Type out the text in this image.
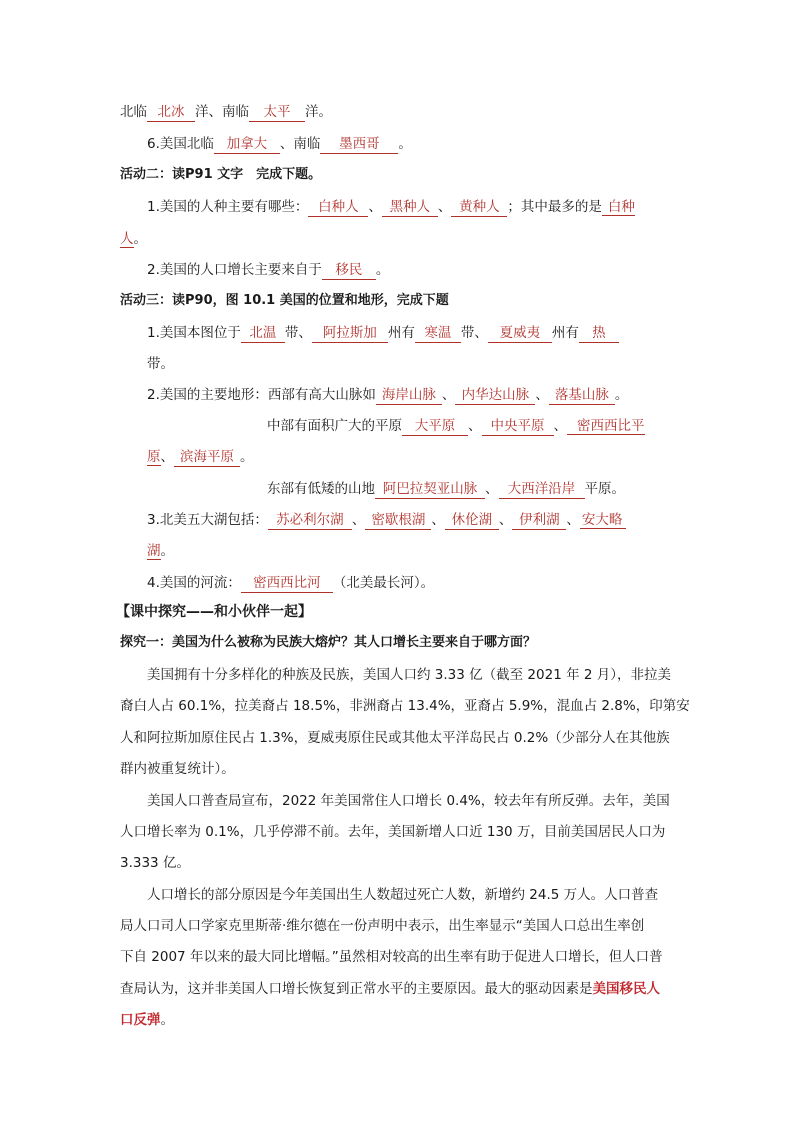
北临 北冰 洋、南临 太平 洋。
6.美国北临 加拿大 、南临 墨西哥 。
活动二：读P91 文字　完成下题。
1.美国的人种主要有哪些： 白种人 、 黑种人 、 黄种人 ；其中最多的是 白种
人。
2.美国的人口增长主要来自于 移民 。
活动三：读P90，图 10.1 美国的位置和地形，完成下题
1.美国本图位于 北温 带、 阿拉斯加 州有 寒温 带、 夏威夷 州有 热
带。
2.美国的主要地形：西部有高大山脉如 海岸山脉 、 内华达山脉 、 落基山脉 。
中部有面积广大的平原 大平原 、 中央平原 、 密西西比平
原、 滨海平原 。
东部有低矮的山地 阿巴拉契亚山脉 、 大西洋沿岸 平原。
3.北美五大湖包括： 苏必利尔湖 、 密歇根湖 、 休伦湖 、 伊利湖 、 安大略
湖。
4.美国的河流： 密西西比河 （北美最长河）。
【课中探究——和小伙伴一起】
探究一：美国为什么被称为民族大熔炉？其人口增长主要来自于哪方面？
美国拥有十分多样化的种族及民族，美国人口约 3.33 亿（截至 2021 年 2 月），非拉美
裔白人占 60.1%，拉美裔占 18.5%，非洲裔占 13.4%，亚裔占 5.9%，混血占 2.8%，印第安
人和阿拉斯加原住民占 1.3%，夏威夷原住民或其他太平洋岛民占 0.2%（少部分人在其他族
群内被重复统计）。
美国人口普查局宣布，2022 年美国常住人口增长 0.4%，较去年有所反弹。去年，美国
人口增长率为 0.1%，几乎停滞不前。去年，美国新增人口近 130 万，目前美国居民人口为
3.333 亿。
人口增长的部分原因是今年美国出生人数超过死亡人数，新增约 24.5 万人。人口普查
局人口司人口学家克里斯蒂·维尔德在一份声明中表示，出生率显示“美国人口总出生率创
下自 2007 年以来的最大同比增幅。”虽然相对较高的出生率有助于促进人口增长，但人口普
查局认为，这并非美国人口增长恢复到正常水平的主要原因。最大的驱动因素是美国移民人
口反弹。
